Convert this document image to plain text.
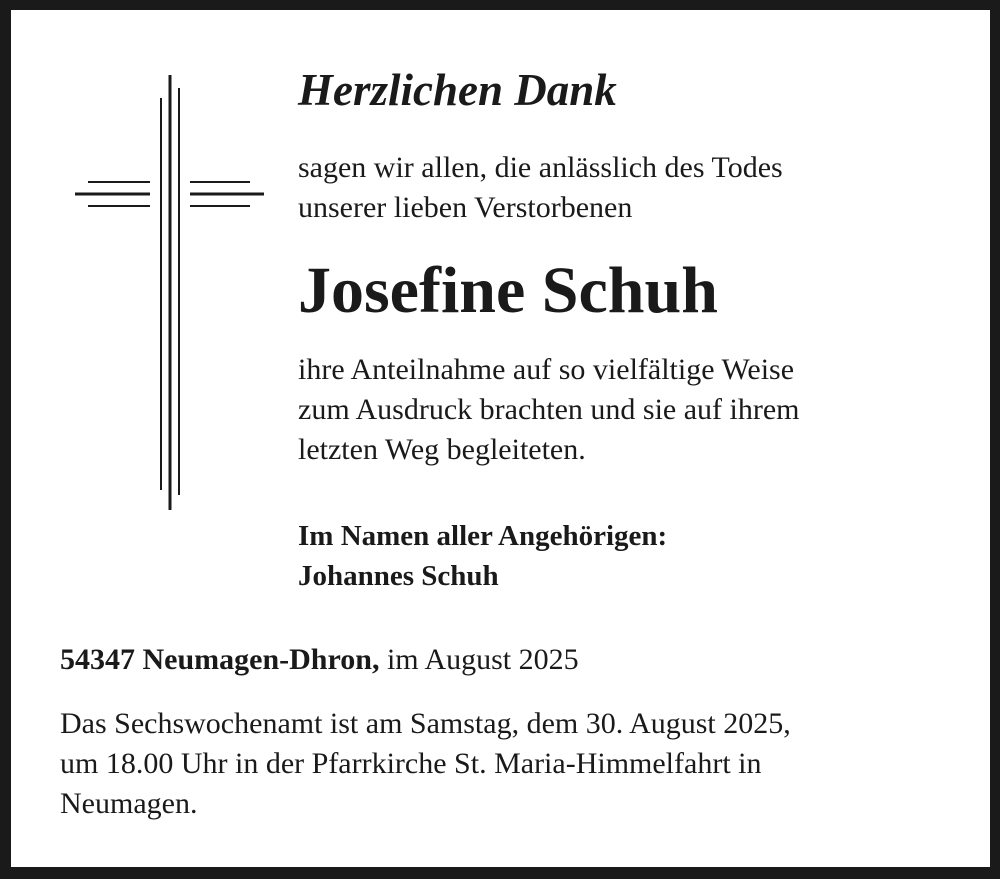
Herzlichen Dank

sagen wir allen, die anlässlich des Todes
unserer lieben Verstorbenen

Josefine Schuh

ihre Anteilnahme auf so vielfältige Weise
zum Ausdruck brachten und sie auf ihrem
letzten Weg begleiteten.

Im Namen aller Angehörigen:
Johannes Schuh

54347 Neumagen-Dhron, im August 2025

Das Sechswochenamt ist am Samstag, dem 30. August 2025,
um 18.00 Uhr in der Pfarrkirche St. Maria-Himmelfahrt in
Neumagen.
